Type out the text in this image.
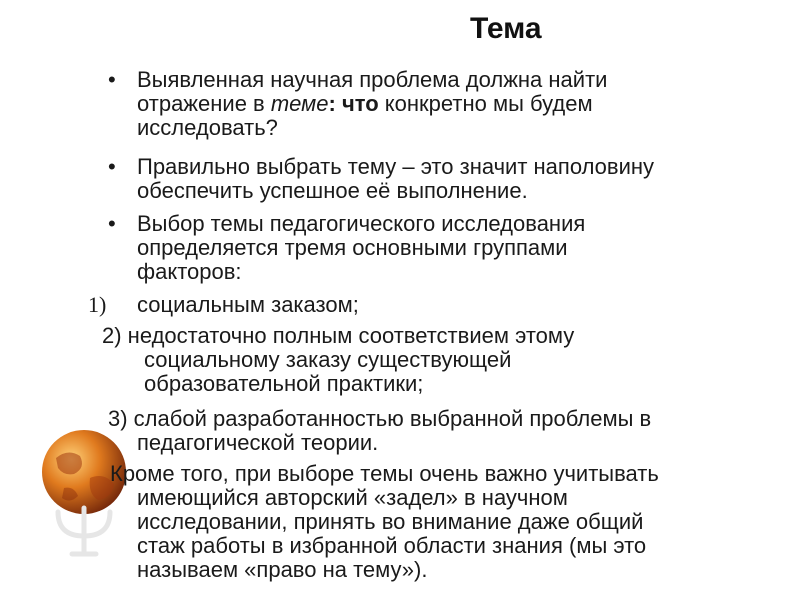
Тема
• Выявленная научная проблема должна найти
отражение в теме: что конкретно мы будем
исследовать?
• Правильно выбрать тему – это значит наполовину
обеспечить успешное её выполнение.
• Выбор темы педагогического исследования
определяется тремя основными группами
факторов:
1) социальным заказом;
2) недостаточно полным соответствием этому
социальному заказу существующей
образовательной практики;
3) слабой разработанностью выбранной проблемы в
педагогической теории.
Кроме того, при выборе темы очень важно учитывать
имеющийся авторский «задел» в научном
исследовании, принять во внимание даже общий
стаж работы в избранной области знания (мы это
называем «право на тему»).
